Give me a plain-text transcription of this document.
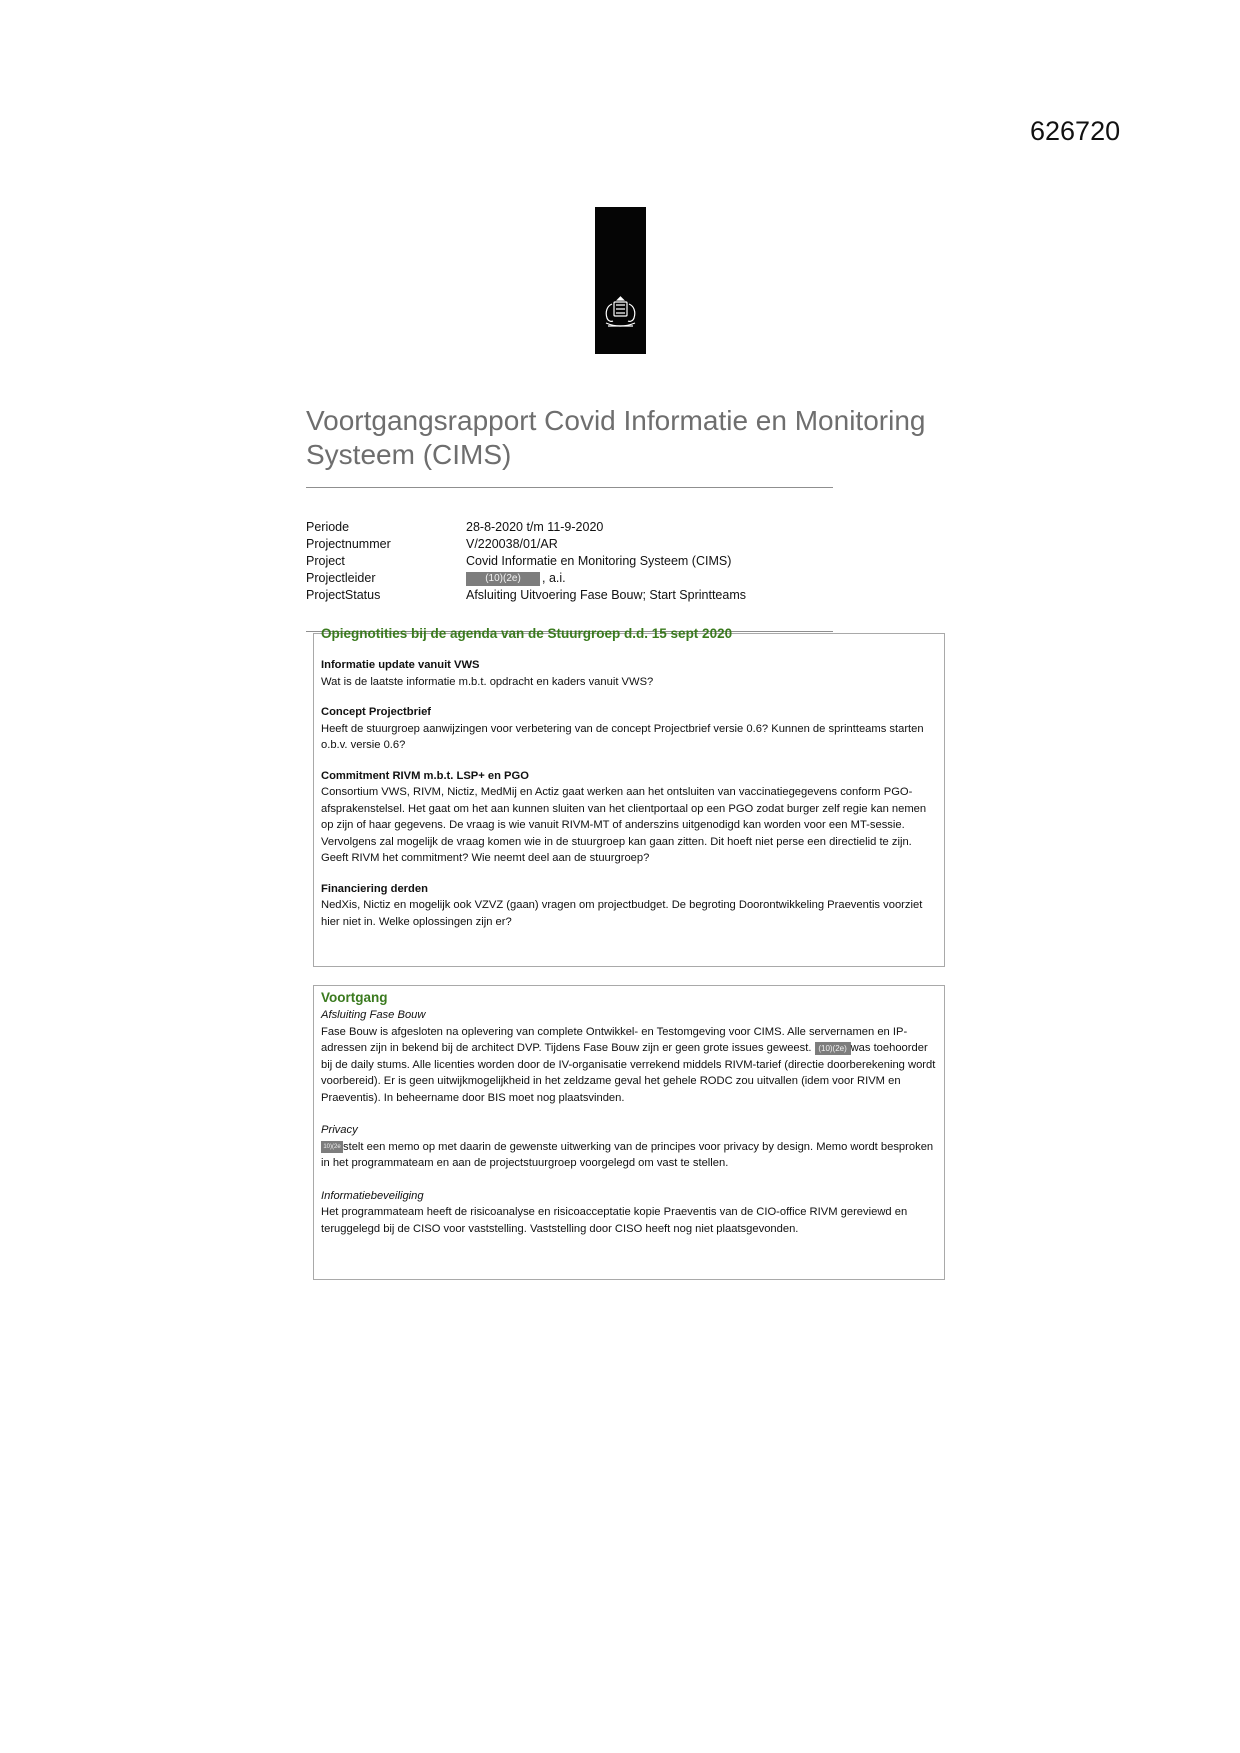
626720
Voortgangsrapport Covid Informatie en Monitoring Systeem (CIMS)
Periode	28-8-2020 t/m 11-9-2020
Projectnummer	V/220038/01/AR
Project	Covid Informatie en Monitoring Systeem (CIMS)
Projectleider	(10)(2e) , a.i.
ProjectStatus	Afsluiting Uitvoering Fase Bouw; Start Sprintteams
Opiegnotities bij de agenda van de Stuurgroep d.d. 15 sept 2020
Informatie update vanuit VWS

Wat is de laatste informatie m.b.t. opdracht en kaders vanuit VWS?

Concept Projectbrief

Heeft de stuurgroep aanwijzingen voor verbetering van de concept Projectbrief versie 0.6? Kunnen de sprintteams starten o.b.v. versie 0.6?

Commitment RIVM m.b.t. LSP+ en PGO

Consortium VWS, RIVM, Nictiz, MedMij en Actiz gaat werken aan het ontsluiten van vaccinatiegegevens conform PGO-afsprakenstelsel. Het gaat om het aan kunnen sluiten van het clientportaal op een PGO zodat burger zelf regie kan nemen op zijn of haar gegevens. De vraag is wie vanuit RIVM-MT of anderszins uitgenodigd kan worden voor een MT-sessie. Vervolgens zal mogelijk de vraag komen wie in de stuurgroep kan gaan zitten. Dit hoeft niet perse een directielid te zijn. Geeft RIVM het commitment? Wie neemt deel aan de stuurgroep?

Financiering derden

NedXis, Nictiz en mogelijk ook VZVZ (gaan) vragen om projectbudget. De begroting Doorontwikkeling Praeventis voorziet hier niet in. Welke oplossingen zijn er?

Voortgang
Afsluiting Fase Bouw

Fase Bouw is afgesloten na oplevering van complete Ontwikkel- en Testomgeving voor CIMS. Alle servernamen en IP-adressen zijn in bekend bij de architect DVP. Tijdens Fase Bouw zijn er geen grote issues geweest. (10)(2e) was toehoorder bij de daily stums. Alle licenties worden door de IV-organisatie verrekend middels RIVM-tarief (directie doorberekening wordt voorbereid). Er is geen uitwijkmogelijkheid in het zeldzame geval het gehele RODC zou uitvallen (idem voor RIVM en Praeventis). In beheername door BIS moet nog plaatsvinden.

Privacy

10)(2e stelt een memo op met daarin de gewenste uitwerking van de principes voor privacy by design. Memo wordt besproken in het programmateam en aan de projectstuurgroep voorgelegd om vast te stellen.

Informatiebeveiliging

Het programmateam heeft de risicoanalyse en risicoacceptatie kopie Praeventis van de CIO-office RIVM gereviewd en teruggelegd bij de CISO voor vaststelling. Vaststelling door CISO heeft nog niet plaatsgevonden.
